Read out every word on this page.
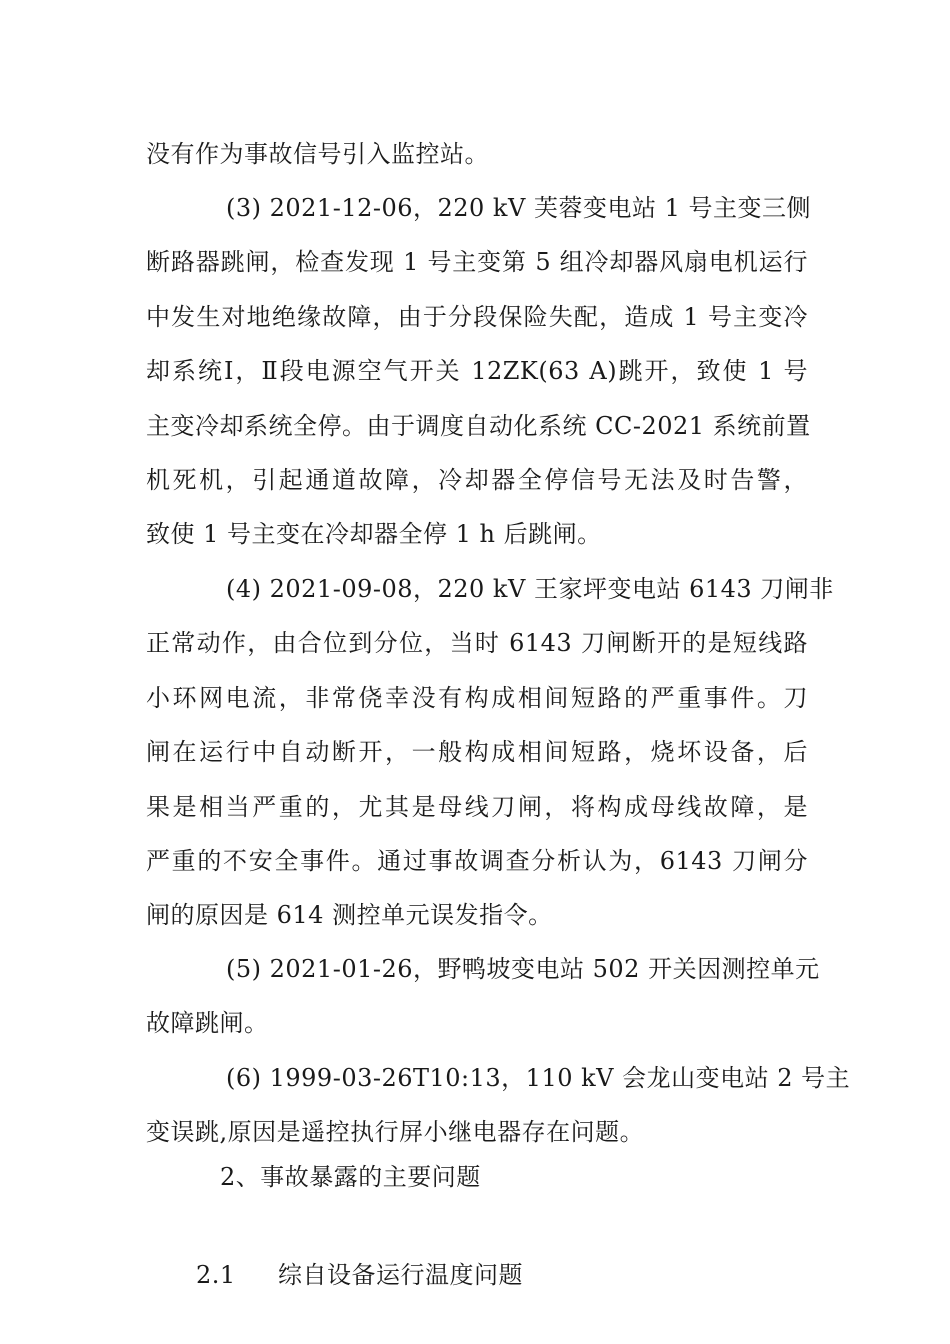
没有作为事故信号引入监控站。
(3) 2021-12-06，220 kV 芙蓉变电站 1 号主变三侧
断路器跳闸，检查发现 1 号主变第 5 组冷却器风扇电机运行
中发生对地绝缘故障，由于分段保险失配，造成 1 号主变冷
却系统Ⅰ，Ⅱ段电源空气开关 12ZK(63 A)跳开，致使 1 号
主变冷却系统全停。由于调度自动化系统 CC-2021 系统前置
机死机，引起通道故障，冷却器全停信号无法及时告警，
致使 1 号主变在冷却器全停 1 h 后跳闸。
(4) 2021-09-08，220 kV 王家坪变电站 6143 刀闸非
正常动作，由合位到分位，当时 6143 刀闸断开的是短线路
小环网电流，非常侥幸没有构成相间短路的严重事件。刀
闸在运行中自动断开，一般构成相间短路，烧坏设备，后
果是相当严重的，尤其是母线刀闸，将构成母线故障，是
严重的不安全事件。通过事故调查分析认为，6143 刀闸分
闸的原因是 614 测控单元误发指令。
(5) 2021-01-26，野鸭坡变电站 502 开关因测控单元
故障跳闸。
(6) 1999-03-26T10:13，110 kV 会龙山变电站 2 号主
变误跳,原因是遥控执行屏小继电器存在问题。
2、事故暴露的主要问题
2.1 综自设备运行温度问题
